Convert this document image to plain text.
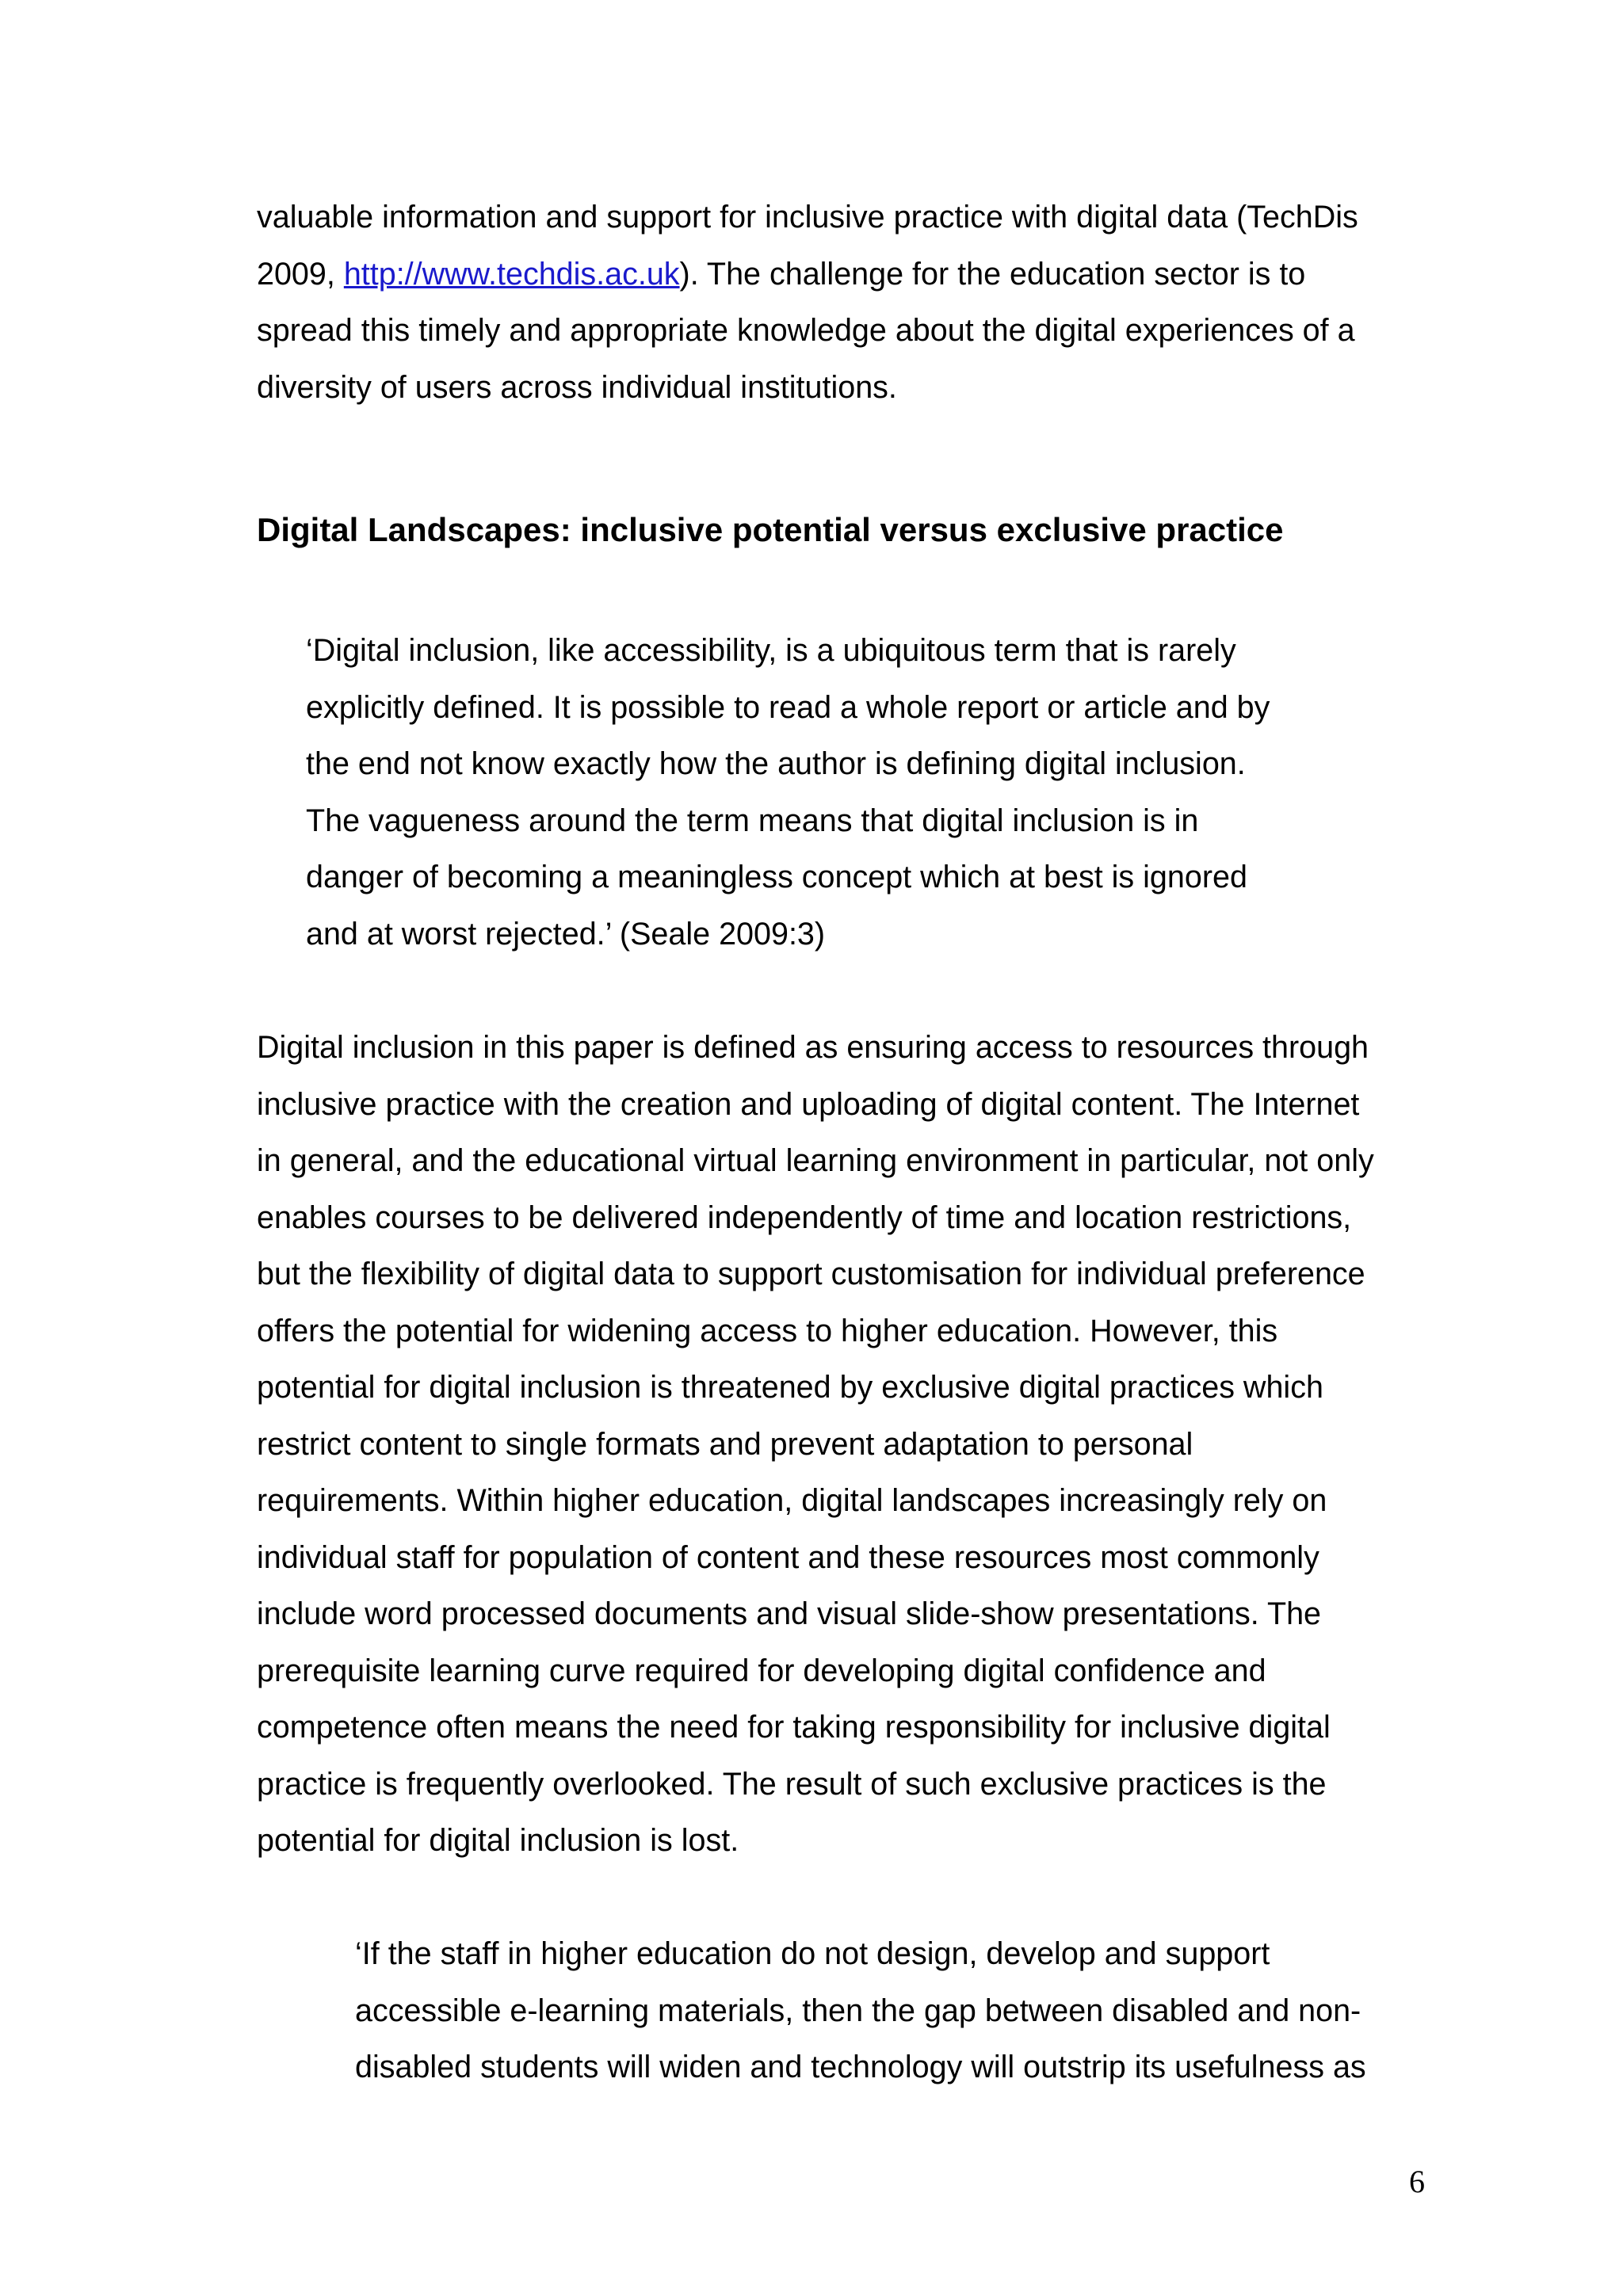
valuable information and support for inclusive practice with digital data (TechDis
2009, http://www.techdis.ac.uk). The challenge for the education sector is to
spread this timely and appropriate knowledge about the digital experiences of a
diversity of users across individual institutions.

Digital Landscapes: inclusive potential versus exclusive practice

‘Digital inclusion, like accessibility, is a ubiquitous term that is rarely
explicitly defined. It is possible to read a whole report or article and by
the end not know exactly how the author is defining digital inclusion.
The vagueness around the term means that digital inclusion is in
danger of becoming a meaningless concept which at best is ignored
and at worst rejected.’ (Seale 2009:3)

Digital inclusion in this paper is defined as ensuring access to resources through
inclusive practice with the creation and uploading of digital content. The Internet
in general, and the educational virtual learning environment in particular, not only
enables courses to be delivered independently of time and location restrictions,
but the flexibility of digital data to support customisation for individual preference
offers the potential for widening access to higher education. However, this
potential for digital inclusion is threatened by exclusive digital practices which
restrict content to single formats and prevent adaptation to personal
requirements. Within higher education, digital landscapes increasingly rely on
individual staff for population of content and these resources most commonly
include word processed documents and visual slide-show presentations. The
prerequisite learning curve required for developing digital confidence and
competence often means the need for taking responsibility for inclusive digital
practice is frequently overlooked. The result of such exclusive practices is the
potential for digital inclusion is lost.

‘If the staff in higher education do not design, develop and support
accessible e-learning materials, then the gap between disabled and non-
disabled students will widen and technology will outstrip its usefulness as

6
